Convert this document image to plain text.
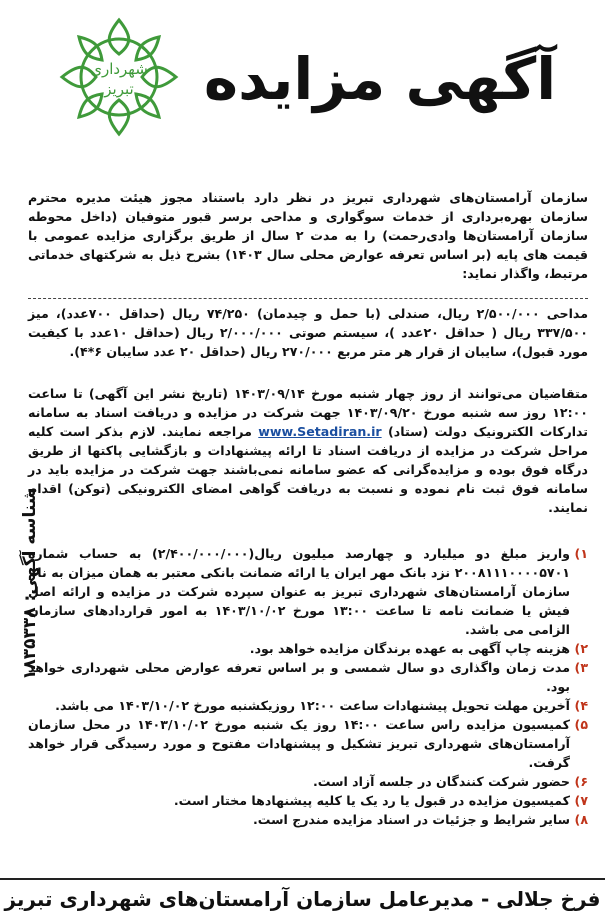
شهرداری
تبریز آگهی مزایده
سازمان آرامستان‌های شهرداری تبریز در نظر دارد باستناد مجوز هیئت مدیره محترم سازمان بهره‌برداری از خدمات سوگواری و مداحی برسر قبور متوفیان (داخل محوطه سازمان آرامستان‌ها وادی‌رحمت) را به مدت ۲ سال از طریق برگزاری مزایده عمومی با قیمت های پایه (بر اساس تعرفه عوارض محلی سال ۱۴۰۳) بشرح ذیل به شرکتهای خدماتی مرتبط، واگذار نماید:
مداحی ۲/۵۰۰/۰۰۰ ریال، صندلی (با حمل و چیدمان) ۷۴/۲۵۰ ریال (حداقل ۷۰۰عدد)، میز ۳۳۷/۵۰۰ ریال ( حداقل ۲۰عدد )، سیستم صوتی ۲/۰۰۰/۰۰۰ ریال (حداقل ۱۰عدد با کیفیت مورد قبول)، سایبان از قرار هر متر مربع ۲۷۰/۰۰۰ ریال (حداقل ۲۰ عدد سایبان ۶*۴).
متقاضیان می‌توانند از روز چهار شنبه مورخ ۱۴۰۳/۰۹/۱۴ (تاریخ نشر این آگهی) تا ساعت ۱۲:۰۰ روز سه شنبه مورخ ۱۴۰۳/۰۹/۲۰ جهت شرکت در مزایده و دریافت اسناد به سامانه تدارکات الکترونیک دولت (ستاد) www.Setadiran.ir مراجعه نمایند. لازم بذکر است کلیه مراحل شرکت در مزایده از دریافت اسناد تا ارائه پیشنهادات و بازگشایی پاکتها از طریق درگاه فوق بوده و مزایده‌گرانی که عضو سامانه نمی‌باشند جهت شرکت در مزایده باید در سامانه فوق ثبت نام نموده و نسبت به دریافت گواهی امضای الکترونیکی (توکن) اقدام نمایند.
۱)
واریز مبلغ دو میلیارد و چهارصد میلیون ریال(۲/۴۰۰/۰۰۰/۰۰۰) به حساب شماره ۲۰۰۸۱۱۱۰۰۰۰۵۷۰۱ نزد بانک مهر ایران یا ارائه ضمانت بانکی معتبر به همان میزان به نام سازمان آرامستان‌های شهرداری تبریز به عنوان سپرده شرکت در مزایده و ارائه اصل فیش یا ضمانت نامه تا ساعت ۱۳:۰۰ مورخ ۱۴۰۳/۱۰/۰۲ به امور قراردادهای سازمان الزامی می باشد.
۲)
هزینه چاپ آگهی به عهده برندگان مزایده خواهد بود.
۳)
مدت زمان واگذاری دو سال شمسی و بر اساس تعرفه عوارض محلی شهرداری خواهد بود.
۴)
آخرین مهلت تحویل پیشنهادات ساعت ۱۲:۰۰ روزیکشنبه مورخ ۱۴۰۳/۱۰/۰۲ می باشد.
۵)
کمیسیون مزایده راس ساعت ۱۴:۰۰ روز یک شنبه مورخ ۱۴۰۳/۱۰/۰۲ در محل سازمان آرامستان‌های شهرداری تبریز تشکیل و پیشنهادات مفتوح و مورد رسیدگی قرار خواهد گرفت.
۶)
حضور شرکت کنندگان در جلسه آزاد است.
۷)
کمیسیون مزایده در قبول یا رد یک یا کلیه پیشنهادها مختار است.
۸)
سایر شرایط و جزئیات در اسناد مزایده مندرج است.
شناسه آگهی: ۱۸۳۵۳۳۸
فرخ جلالی - مدیرعامل سازمان آرامستان‌های شهرداری تبریز
